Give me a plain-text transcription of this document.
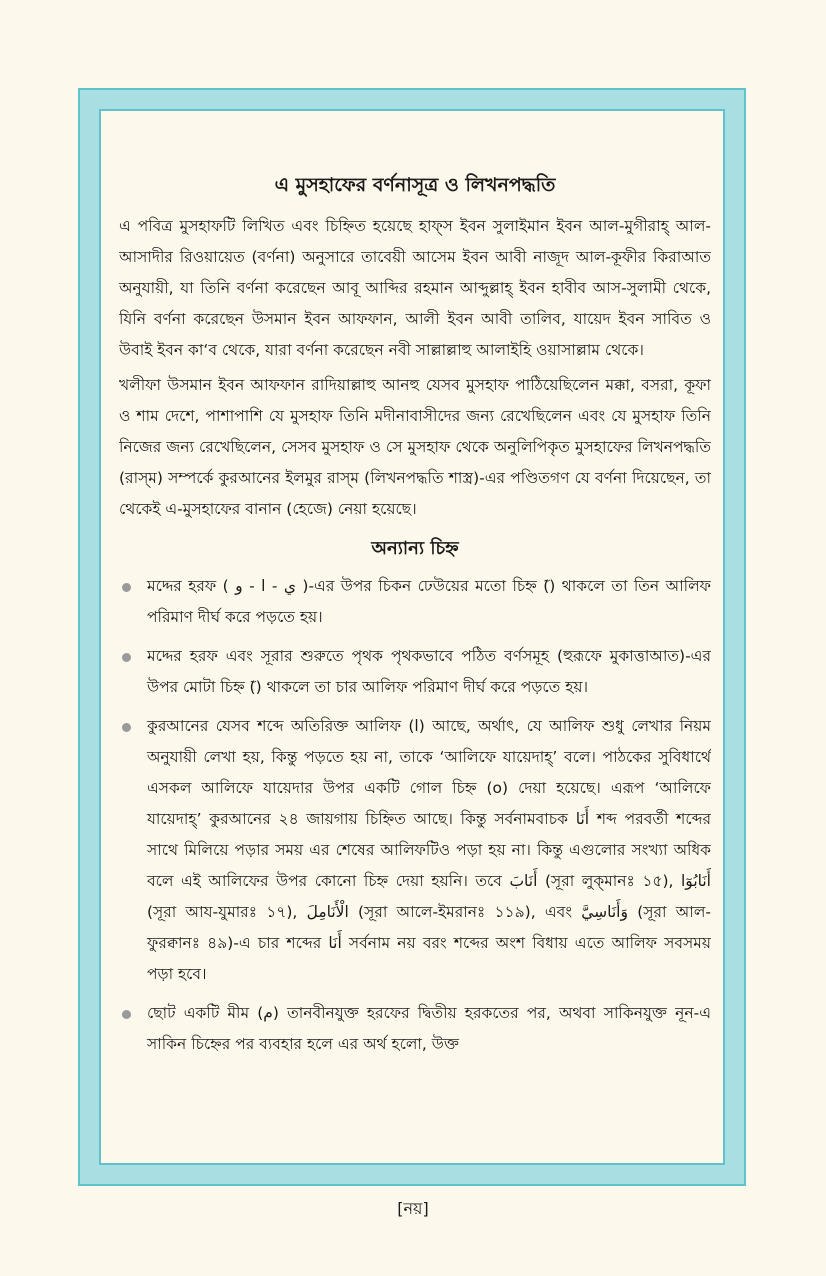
এ মুসহাফের বর্ণনাসূত্র ও লিখনপদ্ধতি

এ পবিত্র মুসহাফটি লিখিত এবং চিহ্নিত হয়েছে হাফ্‌স ইবন সুলাইমান ইবন আল-মুগীরাহ্‌ আল-আসাদীর রিওয়ায়েত (বর্ণনা) অনুসারে তাবেয়ী আসেম ইবন আবী নাজূদ আল-কূফীর কিরাআত অনুযায়ী, যা তিনি বর্ণনা করেছেন আবূ আব্দির রহমান আব্দুল্লাহ্‌ ইবন হাবীব আস-সুলামী থেকে, যিনি বর্ণনা করেছেন উসমান ইবন আফফান, আলী ইবন আবী তালিব, যায়েদ ইবন সাবিত ও উবাই ইবন কা‘ব থেকে, যারা বর্ণনা করেছেন নবী সাল্লাল্লাহু আলাইহি ওয়াসাল্লাম থেকে।

খলীফা উসমান ইবন আফফান রাদিয়াল্লাহু আনহু যেসব মুসহাফ পাঠিয়েছিলেন মক্কা, বসরা, কূফা ও শাম দেশে, পাশাপাশি যে মুসহাফ তিনি মদীনাবাসীদের জন্য রেখেছিলেন এবং যে মুসহাফ তিনি নিজের জন্য রেখেছিলেন, সেসব মুসহাফ ও সে মুসহাফ থেকে অনুলিপিকৃত মুসহাফের লিখনপদ্ধতি (রাস্‌ম) সম্পর্কে কুরআনের ইলমুর রাস্‌ম (লিখনপদ্ধতি শাস্ত্র)-এর পণ্ডিতগণ যে বর্ণনা দিয়েছেন, তা থেকেই এ-মুসহাফের বানান (হেজে) নেয়া হয়েছে।

অন্যান্য চিহ্ন
মদ্দের হরফ ( ي - ا - و )-এর উপর চিকন ঢেউয়ের মতো চিহ্ন (ٓ) থাকলে তা তিন আলিফ পরিমাণ দীর্ঘ করে পড়তে হয়।
মদ্দের হরফ এবং সূরার শুরুতে পৃথক পৃথকভাবে পঠিত বর্ণসমূহ (হুরূফে মুকাত্তাআত)-এর উপর মোটা চিহ্ন (ٓ) থাকলে তা চার আলিফ পরিমাণ দীর্ঘ করে পড়তে হয়।
কুরআনের যেসব শব্দে অতিরিক্ত আলিফ (ا) আছে, অর্থাৎ, যে আলিফ শুধু লেখার নিয়ম অনুযায়ী লেখা হয়, কিন্তু পড়তে হয় না, তাকে ‘আলিফে যায়েদাহ্‌’ বলে। পাঠকের সুবিধার্থে এসকল আলিফে যায়েদার উপর একটি গোল চিহ্ন (ο) দেয়া হয়েছে। এরূপ ‘আলিফে যায়েদাহ্‌’ কুরআনের ২৪ জায়গায় চিহ্নিত আছে। কিন্তু সর্বনামবাচক أَنَا শব্দ পরবর্তী শব্দের সাথে মিলিয়ে পড়ার সময় এর শেষের আলিফটিও পড়া হয় না। কিন্তু এগুলোর সংখ্যা অধিক বলে এই আলিফের উপর কোনো চিহ্ন দেয়া হয়নি। তবে أَنَابَ (সূরা লুক্‌মানঃ ১৫), أَنَابُوٓا (সূরা আয-যুমারঃ ১৭), الْأَنَامِلَ (সূরা আলে-ইমরানঃ ১১৯), এবং وَأَنَاسِيَّ (সূরা আল-ফুরক্বানঃ ৪৯)-এ চার শব্দের أَنَا সর্বনাম নয় বরং শব্দের অংশ বিধায় এতে আলিফ সবসময় পড়া হবে।
ছোট একটি মীম (م) তানবীনযুক্ত হরফের দ্বিতীয় হরকতের পর, অথবা সাকিনযুক্ত নূন-এ সাকিন চিহ্নের পর ব্যবহার হলে এর অর্থ হলো, উক্ত
[নয়]
